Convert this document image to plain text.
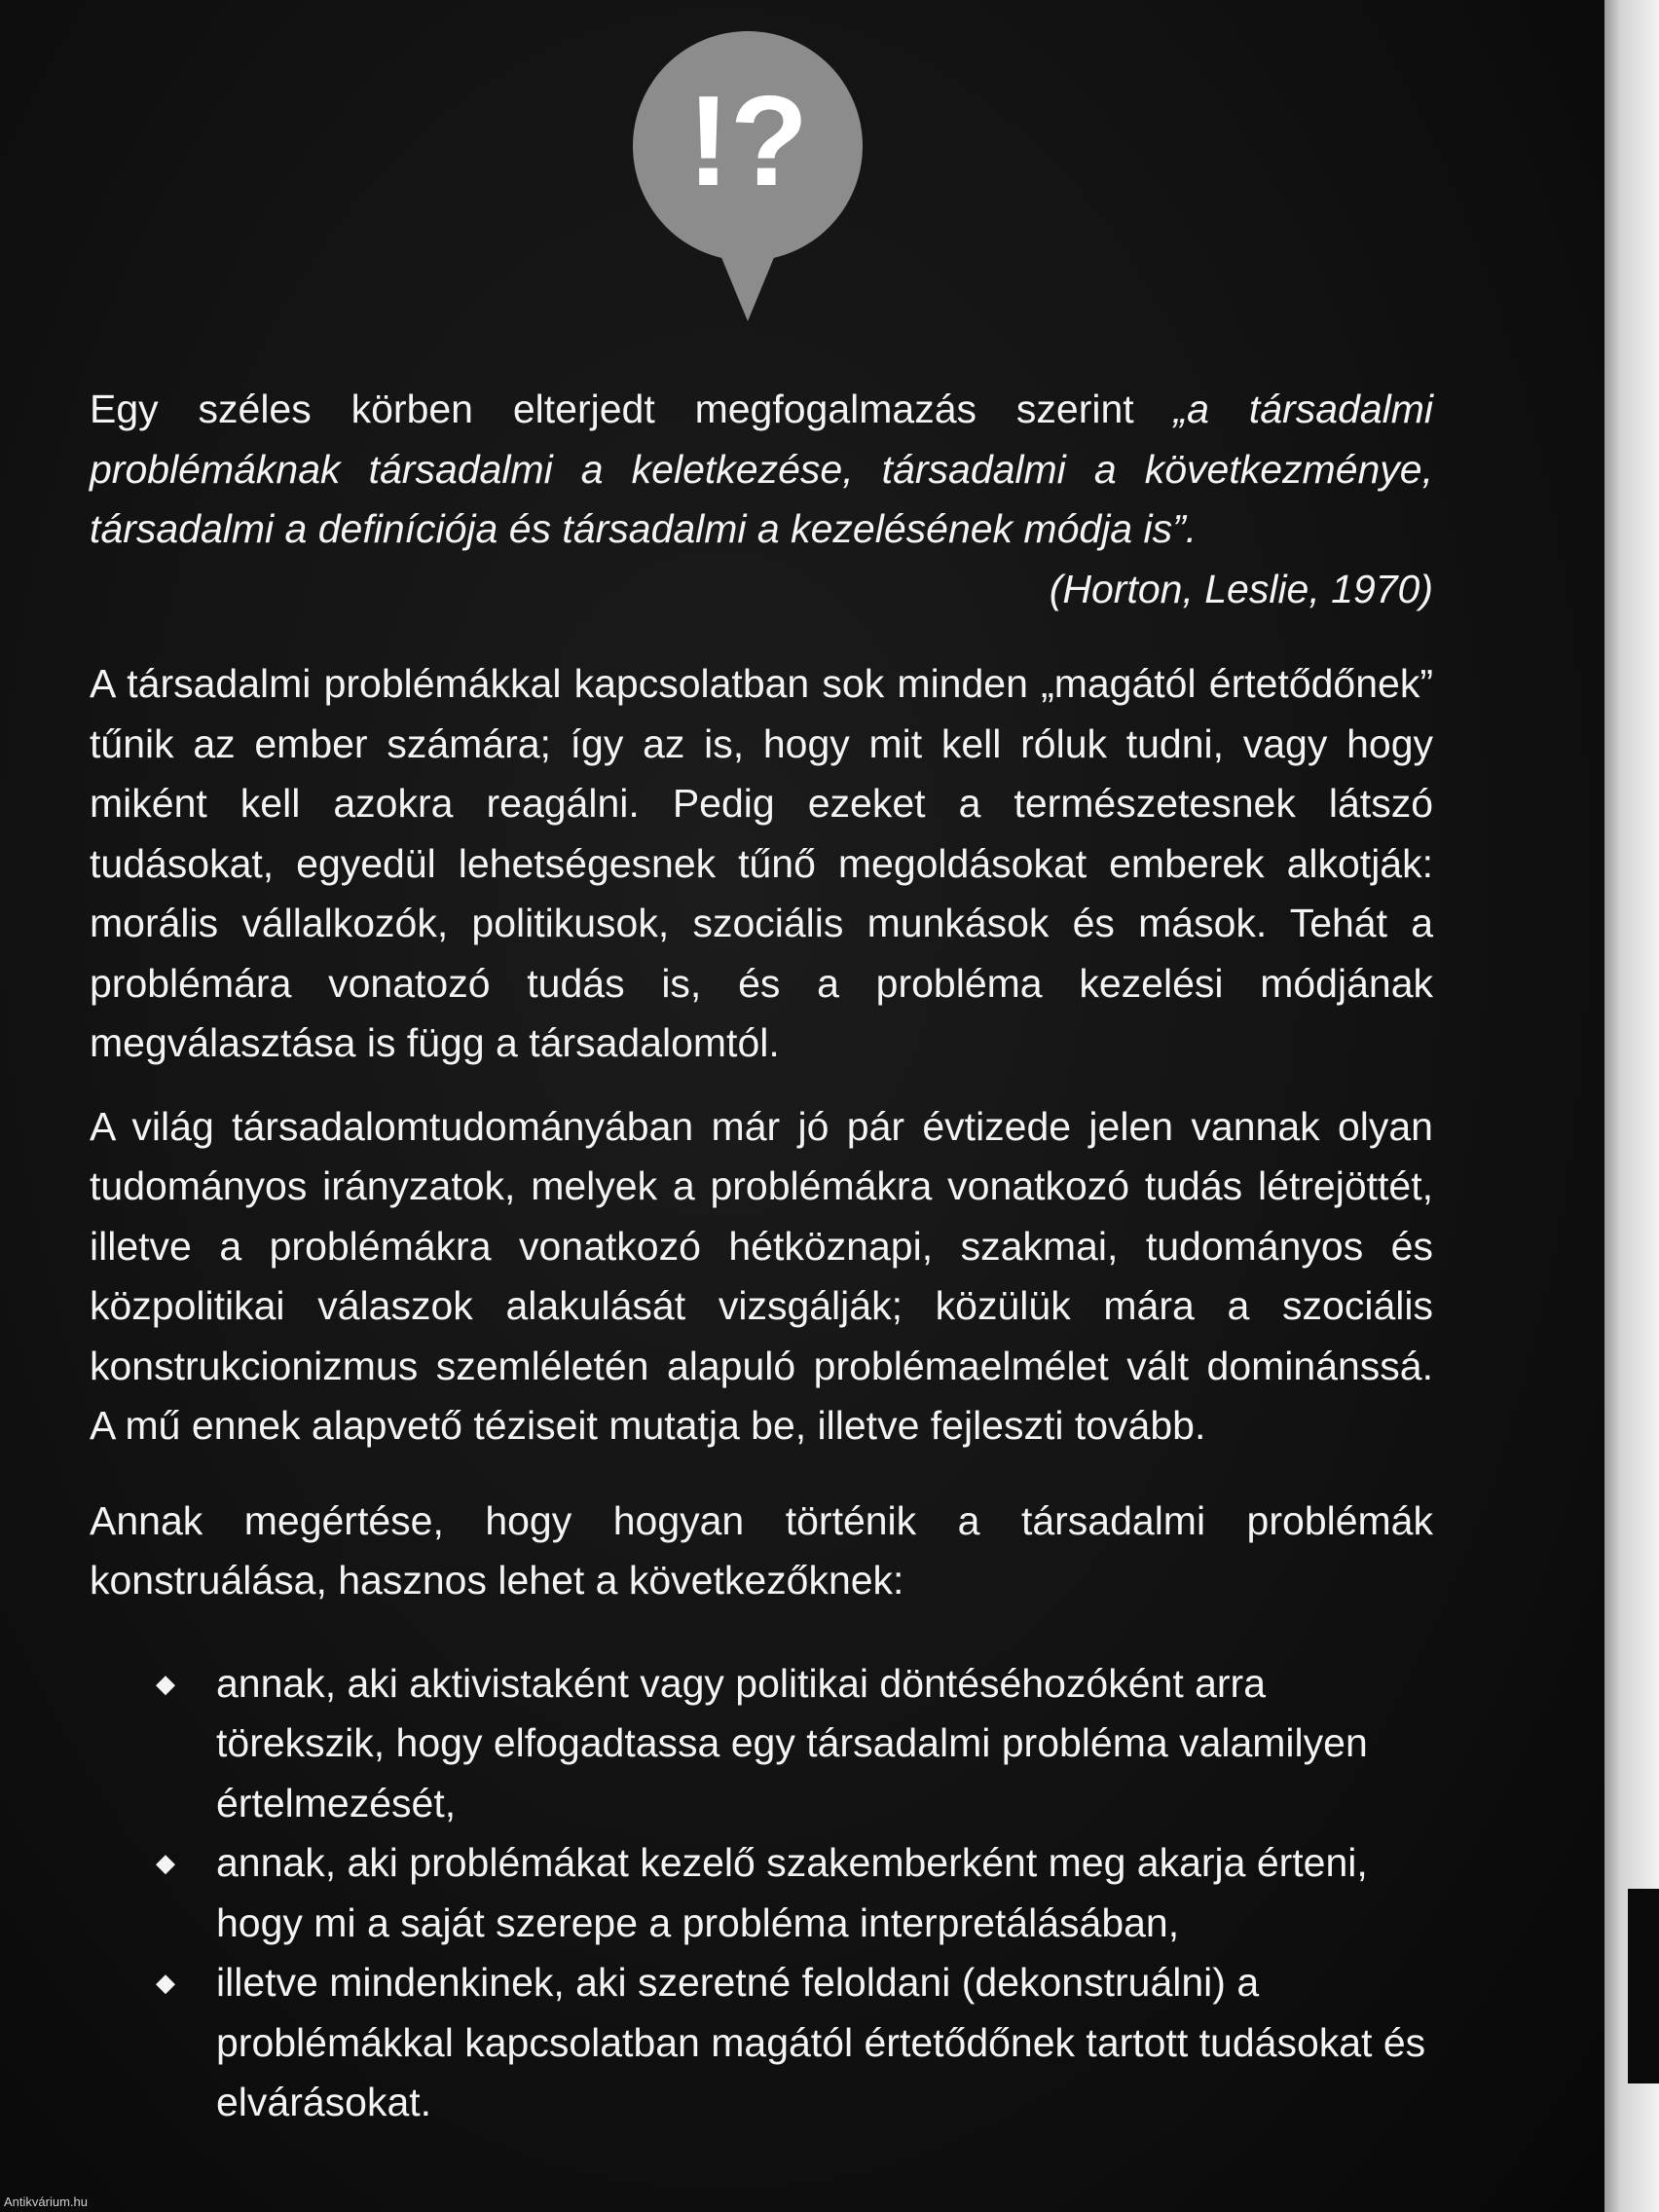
!?

Egy széles körben elterjedt megfogalmazás szerint „a társadalmi problémáknak társadalmi a keletkezése, társadalmi a következménye, társadalmi a definíciója és társadalmi a kezelésének módja is”.

(Horton, Leslie, 1970)

A társadalmi problémákkal kapcsolatban sok minden „magától értetődőnek” tűnik az ember számára; így az is, hogy mit kell róluk tudni, vagy hogy miként kell azokra reagálni. Pedig ezeket a természetesnek látszó tudásokat, egyedül lehetségesnek tűnő megoldásokat emberek alkotják: morális vállalkozók, politikusok, szociális munkások és mások. Tehát a problémára vonatozó tudás is, és a probléma kezelési módjának megválasztása is függ a társadalomtól.

A világ társadalomtudományában már jó pár évtizede jelen vannak olyan tudományos irányzatok, melyek a problémákra vonatkozó tudás létrejöttét, illetve a problémákra vonatkozó hétköznapi, szakmai, tudományos és közpolitikai válaszok alakulását vizsgálják; közülük mára a szociális konstrukcionizmus szemléletén alapuló problémaelmélet vált dominánssá. A mű ennek alapvető téziseit mutatja be, illetve fejleszti tovább.

Annak megértése, hogy hogyan történik a társadalmi problémák konstruálása, hasznos lehet a következőknek:

◆ annak, aki aktivistaként vagy politikai döntéséhozóként arra törekszik, hogy elfogadtassa egy társadalmi probléma valamilyen értelmezését,
◆ annak, aki problémákat kezelő szakemberként meg akarja érteni, hogy mi a saját szerepe a probléma interpretálásában,
◆ illetve mindenkinek, aki szeretné feloldani (dekonstruálni) a problémákkal kapcsolatban magától értetődőnek tartott tudásokat és elvárásokat.
Antikvárium.hu
